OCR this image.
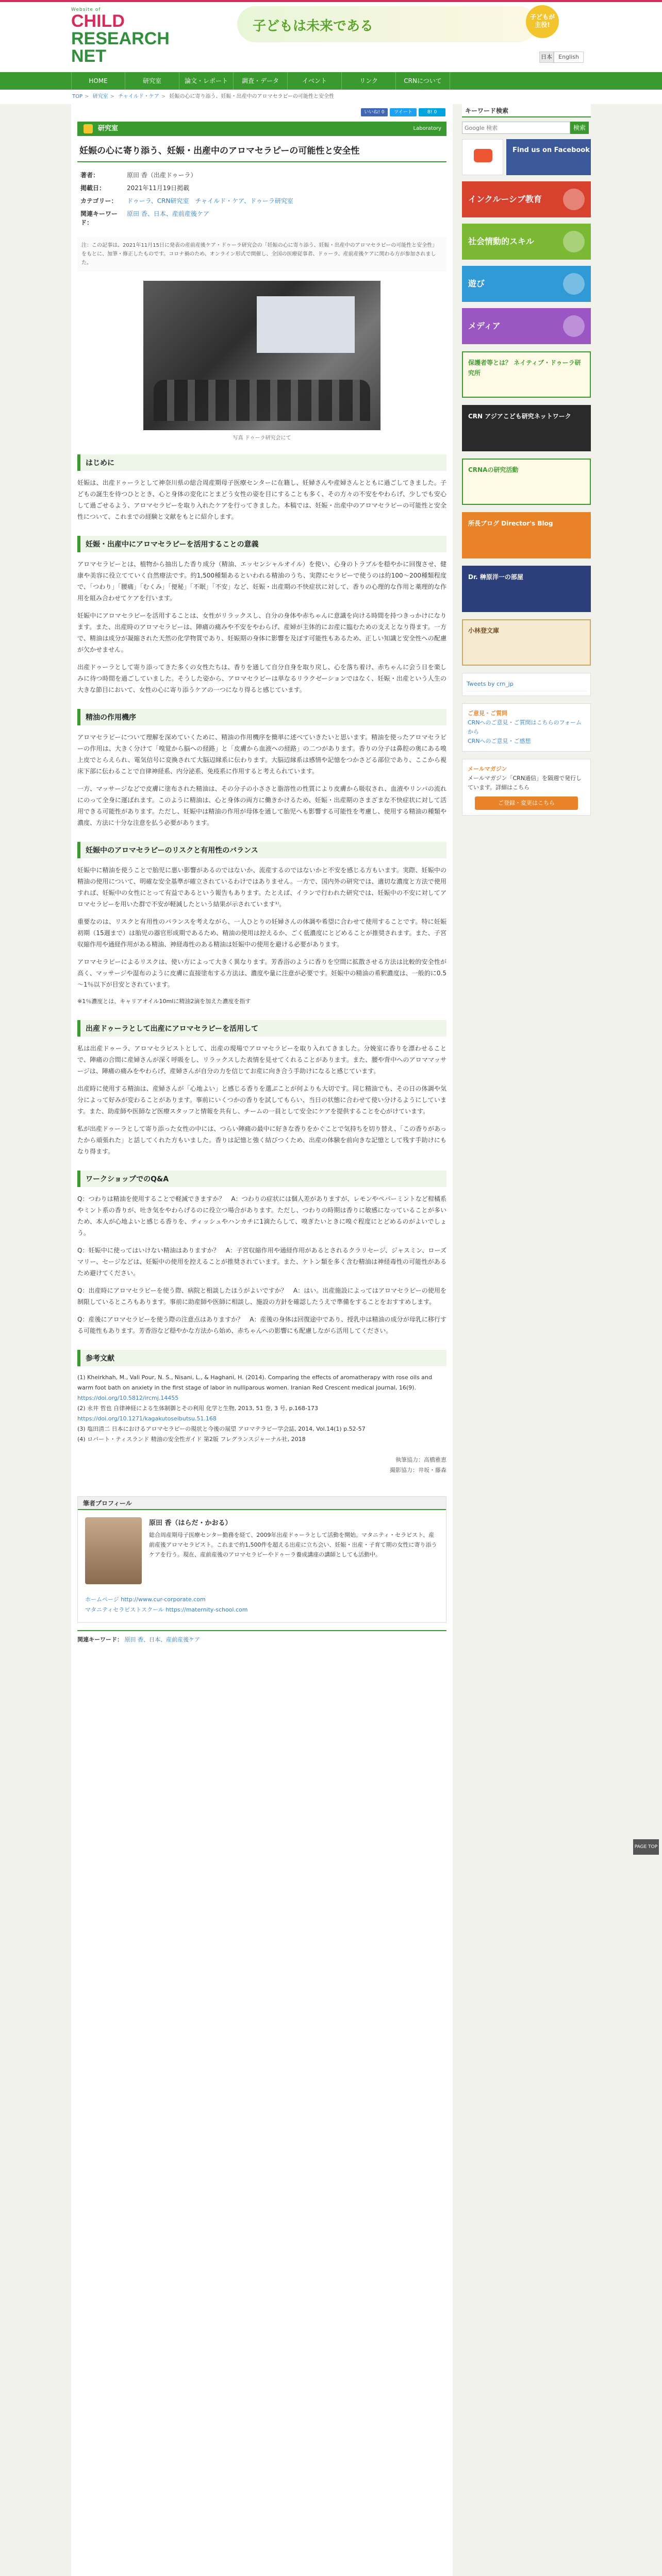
Website of
CHILD
RESEARCH
NET
子どもは未来である
子どもが 主役!
日本	English
HOME	研究室	論文・レポート	調査・データ	イベント	リンク	CRNについて
TOP > 研究室 > チャイルド・ケア > 妊娠の心に寄り添う、妊娠・出産中のアロマセラピーの可能性と安全性
いいね! 0	ツイート	B! 0
研究室	Laboratory
妊娠の心に寄り添う、妊娠・出産中のアロマセラピーの可能性と安全性
著者：	原田 香（出産ドゥーラ）
掲載日：	2021年11月19日掲載
カテゴリー：	ドゥーラ、CRN研究室　チャイルド・ケア、ドゥーラ研究室
関連キーワード：	原田 香、日本、産前産後ケア
注：この記事は、2021年11月15日に発表の産前産後ケア・ドゥーラ研究会の「妊娠の心に寄り添う、妊娠・出産中のアロマセラピーの可能性と安全性」をもとに、加筆・修正したものです。コロナ禍のため、オンライン形式で開催し、全国の医療従事者、ドゥーラ、産前産後ケアに関わる方が参加されました。
写真 ドゥーラ研究会にて
はじめに

妊娠は、出産ドゥーラとして神奈川県の総合周産期母子医療センターに在籍し、妊婦さんや産婦さんとともに過ごしてきました。子どもの誕生を待つひととき、心と身体の変化にとまどう女性の姿を目にすることも多く、その方々の不安をやわらげ、少しでも安心して過ごせるよう、アロマセラピーを取り入れたケアを行ってきました。本稿では、妊娠・出産中のアロマセラピーの可能性と安全性について、これまでの経験と文献をもとに紹介します。

妊娠・出産中にアロマセラピーを活用することの意義

アロマセラピーとは、植物から抽出した香り成分（精油、エッセンシャルオイル）を使い、心身のトラブルを穏やかに回復させ、健康や美容に役立てていく自然療法です。約1,500種類あるといわれる精油のうち、実際にセラピーで使うのは約100～200種類程度で、「つわり」「腰痛」「むくみ」「便秘」「不眠」「不安」など、妊娠・出産期の不快症状に対して、香りの心理的な作用と薬理的な作用を組み合わせてケアを行います。

妊娠中にアロマセラピーを活用することは、女性がリラックスし、自分の身体や赤ちゃんに意識を向ける時間を持つきっかけになります。また、出産時のアロマセラピーは、陣痛の痛みや不安をやわらげ、産婦が主体的にお産に臨むための支えとなり得ます。一方で、精油は成分が凝縮された天然の化学物質であり、妊娠期の身体に影響を及ぼす可能性もあるため、正しい知識と安全性への配慮が欠かせません。

出産ドゥーラとして寄り添ってきた多くの女性たちは、香りを通して自分自身を取り戻し、心を落ち着け、赤ちゃんに会う日を楽しみに待つ時間を過ごしていました。そうした姿から、アロマセラピーは単なるリラクゼーションではなく、妊娠・出産という人生の大きな節目において、女性の心に寄り添うケアの一つになり得ると感じています。

精油の作用機序

アロマセラピーについて理解を深めていくために、精油の作用機序を簡単に述べていきたいと思います。精油を使ったアロマセラピーの作用は、大きく分けて「嗅覚から脳への経路」と「皮膚から血液への経路」の二つがあります。香りの分子は鼻腔の奥にある嗅上皮でとらえられ、電気信号に変換されて大脳辺縁系に伝わります。大脳辺縁系は感情や記憶をつかさどる部位であり、ここから視床下部に伝わることで自律神経系、内分泌系、免疫系に作用すると考えられています。

一方、マッサージなどで皮膚に塗布された精油は、その分子の小ささと脂溶性の性質により皮膚から吸収され、血液やリンパの流れにのって全身に運ばれます。このように精油は、心と身体の両方に働きかけるため、妊娠・出産期のさまざまな不快症状に対して活用できる可能性があります。ただし、妊娠中は精油の作用が母体を通して胎児へも影響する可能性を考慮し、使用する精油の種類や濃度、方法に十分な注意を払う必要があります。

妊娠中のアロマセラピーのリスクと有用性のバランス

妊娠中に精油を使うことで胎児に悪い影響があるのではないか、流産するのではないかと不安を感じる方もいます。実際、妊娠中の精油の使用について、明確な安全基準が確立されているわけではありません。一方で、国内外の研究では、適切な濃度と方法で使用すれば、妊娠中の女性にとって有益であるという報告もあります。たとえば、イランで行われた研究では、妊娠中の不安に対してアロマセラピーを用いた群で不安が軽減したという結果が示されています¹⁾。

重要なのは、リスクと有用性のバランスを考えながら、一人ひとりの妊婦さんの体調や希望に合わせて使用することです。特に妊娠初期（15週まで）は胎児の器官形成期であるため、精油の使用は控えるか、ごく低濃度にとどめることが推奨されます。また、子宮収縮作用や通経作用がある精油、神経毒性のある精油は妊娠中の使用を避ける必要があります。

アロマセラピーによるリスクは、使い方によって大きく異なります。芳香浴のように香りを空間に拡散させる方法は比較的安全性が高く、マッサージや湿布のように皮膚に直接塗布する方法は、濃度や量に注意が必要です。妊娠中の精油の希釈濃度は、一般的に0.5～1％以下が目安とされています。

※1％濃度とは、キャリアオイル10mlに精油2滴を加えた濃度を指す

出産ドゥーラとして出産にアロマセラピーを活用して

私は出産ドゥーラ、アロマセラピストとして、出産の現場でアロマセラピーを取り入れてきました。分娩室に香りを漂わせることで、陣痛の合間に産婦さんが深く呼吸をし、リラックスした表情を見せてくれることがあります。また、腰や背中へのアロママッサージは、陣痛の痛みをやわらげ、産婦さんが自分の力を信じてお産に向き合う手助けになると感じています。

出産時に使用する精油は、産婦さんが「心地よい」と感じる香りを選ぶことが何よりも大切です。同じ精油でも、その日の体調や気分によって好みが変わることがあります。事前にいくつかの香りを試してもらい、当日の状態に合わせて使い分けるようにしています。また、助産師や医師など医療スタッフと情報を共有し、チームの一員として安全にケアを提供することを心がけています。

私が出産ドゥーラとして寄り添った女性の中には、つらい陣痛の最中に好きな香りをかぐことで気持ちを切り替え、「この香りがあったから頑張れた」と話してくれた方もいました。香りは記憶と強く結びつくため、出産の体験を前向きな記憶として残す手助けにもなり得ます。

ワークショップでのQ&A

Q：つわりは精油を使用することで軽減できますか？　A：つわりの症状には個人差がありますが、レモンやペパーミントなど柑橘系やミント系の香りが、吐き気をやわらげるのに役立つ場合があります。ただし、つわりの時期は香りに敏感になっていることが多いため、本人が心地よいと感じる香りを、ティッシュやハンカチに1滴たらして、嗅ぎたいときに嗅ぐ程度にとどめるのがよいでしょう。

Q：妊娠中に使ってはいけない精油はありますか？　A：子宮収縮作用や通経作用があるとされるクラリセージ、ジャスミン、ローズマリー、セージなどは、妊娠中の使用を控えることが推奨されています。また、ケトン類を多く含む精油は神経毒性の可能性があるため避けてください。

Q：出産時にアロマセラピーを使う際、病院と相談したほうがよいですか？　A：はい。出産施設によってはアロマセラピーの使用を制限しているところもあります。事前に助産師や医師に相談し、施設の方針を確認したうえで準備をすることをおすすめします。

Q：産後にアロマセラピーを使う際の注意点はありますか？　A：産後の身体は回復途中であり、授乳中は精油の成分が母乳に移行する可能性もあります。芳香浴など穏やかな方法から始め、赤ちゃんへの影響にも配慮しながら活用してください。

参考文献
(1) Kheirkhah, M., Vali Pour, N. S., Nisani, L., & Haghani, H. (2014). Comparing the effects of aromatherapy with rose oils and warm foot bath on anxiety in the first stage of labor in nulliparous women. Iranian Red Crescent medical journal, 16(9).
https://doi.org/10.5812/ircmj.14455
(2) 永井 哲也 自律神経による生体制御とその利用 化学と生物, 2013, 51 巻, 3 号, p.168-173
https://doi.org/10.1271/kagakutoseibutsu.51.168
(3) 塩田清二 日本におけるアロマセラピーの現状と今後の展望 アロマテラピー学会誌, 2014, Vol.14(1) p.52-57
(4) ロバート・ティスランド 精油の安全性ガイド 第2版 フレグランスジャーナル社, 2018
執筆協力：高橋雅恵
撮影協力：井坂・藤森
筆者プロフィール
原田 香（はらだ・かおる）
総合周産期母子医療センター勤務を経て、2009年出産ドゥーラとして活動を開始。マタニティ・セラピスト、産前産後アロマセラピスト。これまで約1,500件を超える出産に立ち会い、妊娠・出産・子育て期の女性に寄り添うケアを行う。現在、産前産後のアロマセラピーやドゥーラ養成講座の講師としても活動中。
ホームページ http://www.cur-corporate.com
マタニティセラピストスクール https://maternity-school.com
関連キーワード： 原田 香、日本、産前産後ケア
キーワード検索
Google 検索
検索
Find us on Facebook
インクルーシブ教育
社会情動的スキル
遊び
メディア
保護者等とは？ ネイティブ・ドゥーラ研究所
CRN アジアこども研究ネットワーク
CRNAの研究活動
所長ブログ Director's Blog
Dr. 榊原洋一の部屋
小林登文庫
Tweets by crn_jp
ご意見・ご質問
CRNへのご意見・ご質問はこちらのフォームから
CRNへのご意見・ご感想
メールマガジン
メールマガジン「CRN通信」を隔週で発行しています。詳細はこちら
ご登録・変更はこちら
PAGE TOP
